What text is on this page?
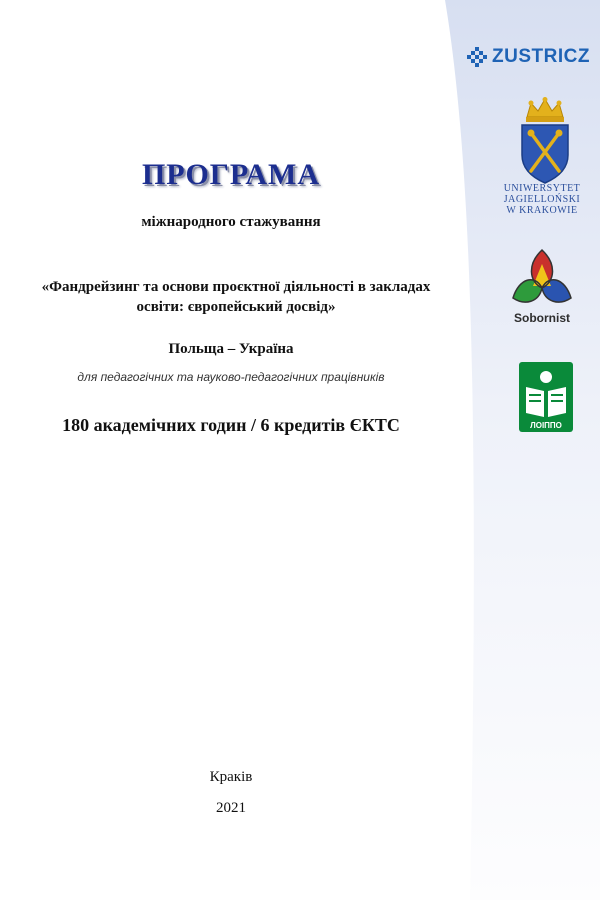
ПРОГРАМА
міжнародного стажування
«Фандрейзинг та основи проєктної діяльності в закладах
освіти: європейський досвід»
Польща – Україна
для педагогічних та науково-педагогічних працівників
180 академічних годин / 6 кредитів ЄКТС
Краків
2021
ZUSTRICZ
UNIWERSYTET
JAGIELLOŃSKI
W KRAKOWIE
Sobornist
ЛОІППО
